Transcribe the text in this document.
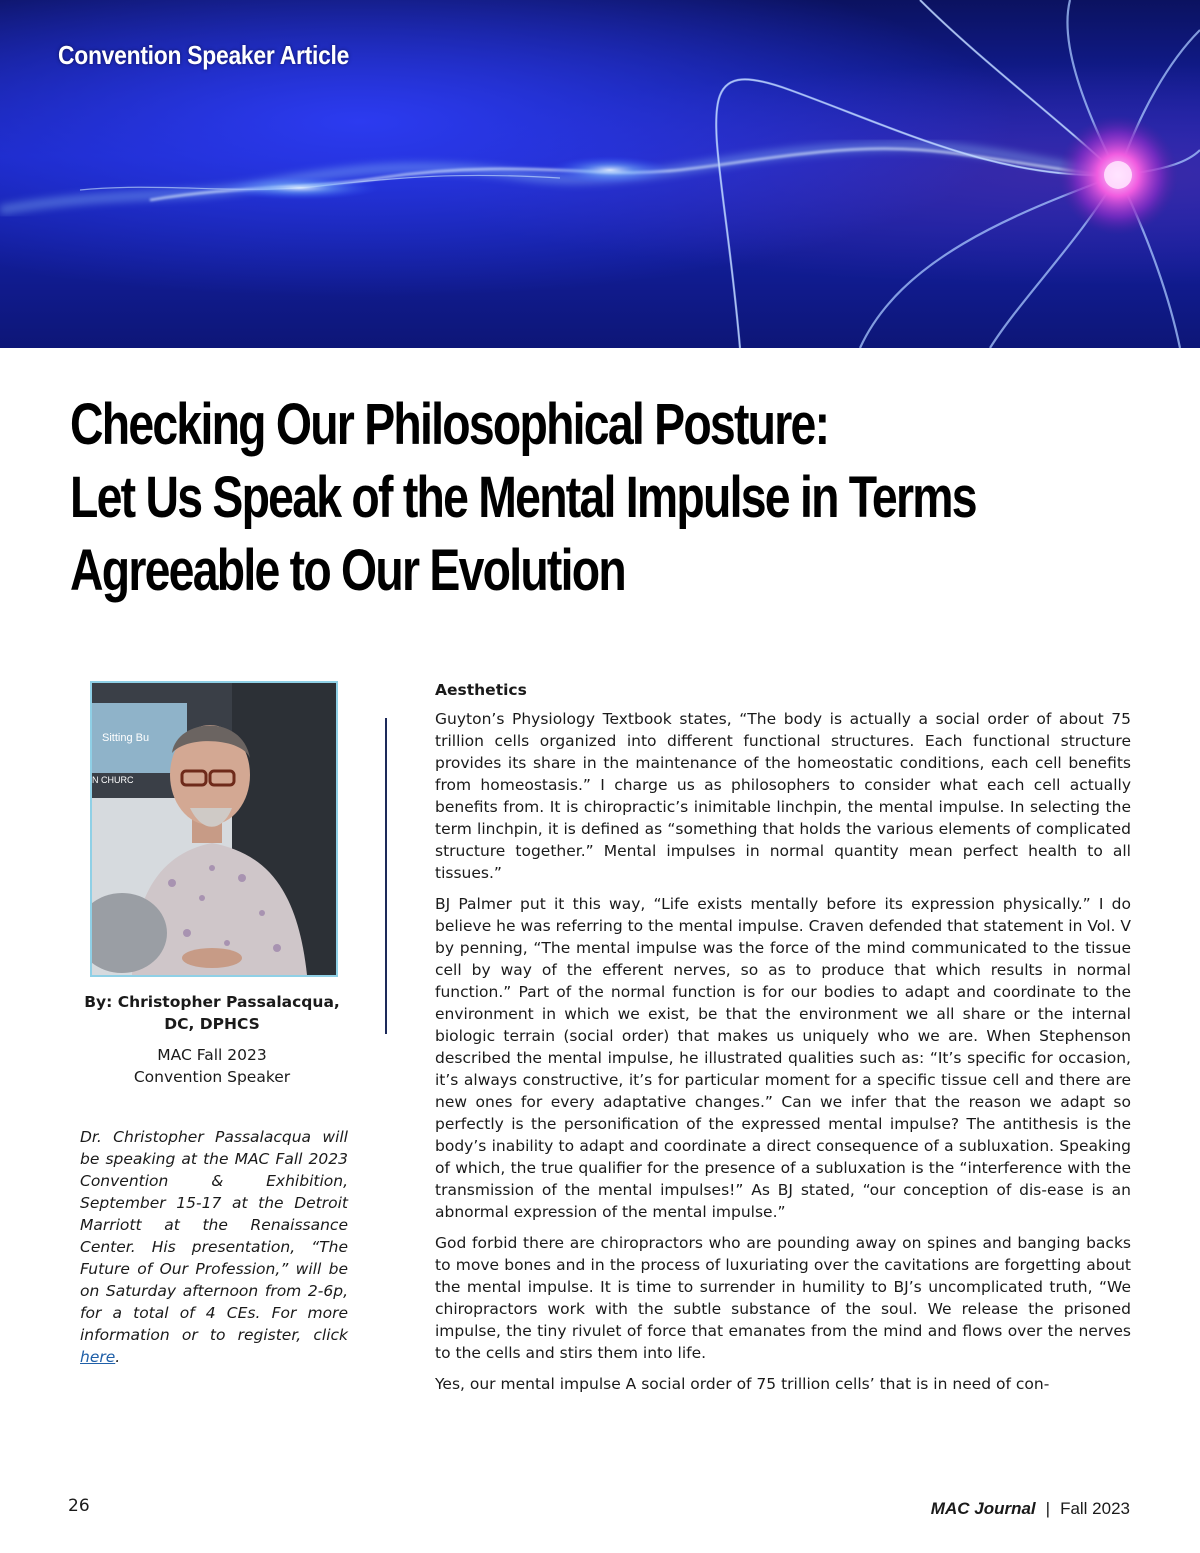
Convention Speaker Article
Checking Our Philosophical Posture:
Let Us Speak of the Mental Impulse in Terms
Agreeable to Our Evolution
Sitting Bu
N CHURC
By: Christopher Passalacqua,
DC, DPHCS
MAC Fall 2023
Convention Speaker
Dr. Christopher Passalacqua will be speaking at the MAC Fall 2023 Convention & Exhibition, September 15-17 at the Detroit Marriott at the Renaissance Center. His presentation, “The Future of Our Profession,” will be on Saturday afternoon from 2-6p, for a total of 4 CEs. For more information or to register, click here.
Aesthetics

Guyton’s Physiology Textbook states, “The body is actually a social order of about 75 trillion cells organized into different functional structures. Each functional structure provides its share in the maintenance of the homeostatic conditions, each cell benefits from homeostasis.” I charge us as philosophers to consider what each cell actually benefits from. It is chiropractic’s inimitable linchpin, the mental impulse. In selecting the term linchpin, it is defined as “something that holds the various elements of complicated structure together.” Mental impulses in normal quantity mean perfect health to all tissues.”

BJ Palmer put it this way, “Life exists mentally before its expression physically.” I do believe he was referring to the mental impulse. Craven defended that statement in Vol. V by penning, “The mental impulse was the force of the mind communicated to the tissue cell by way of the efferent nerves, so as to produce that which results in normal function.” Part of the normal function is for our bodies to adapt and coordinate to the environment in which we exist, be that the environment we all share or the internal biologic terrain (social order) that makes us uniquely who we are. When Stephenson described the mental impulse, he illustrated qualities such as: “It’s specific for occasion, it’s always constructive, it’s for particular moment for a specific tissue cell and there are new ones for every adaptative changes.” Can we infer that the reason we adapt so perfectly is the personification of the expressed mental impulse? The antithesis is the body’s inability to adapt and coordinate a direct consequence of a subluxation. Speaking of which, the true qualifier for the presence of a subluxation is the “interference with the transmission of the mental impulses!” As BJ stated, “our conception of dis-ease is an abnormal expression of the mental impulse.”

God forbid there are chiropractors who are pounding away on spines and banging backs to move bones and in the process of luxuriating over the cavitations are forgetting about the mental impulse. It is time to surrender in humility to BJ’s uncomplicated truth, “We chiropractors work with the subtle substance of the soul. We release the prisoned impulse, the tiny rivulet of force that emanates from the mind and flows over the nerves to the cells and stirs them into life.

Yes, our mental impulse A social order of 75 trillion cells’ that is in need of con-

26	MAC Journal | Fall 2023
